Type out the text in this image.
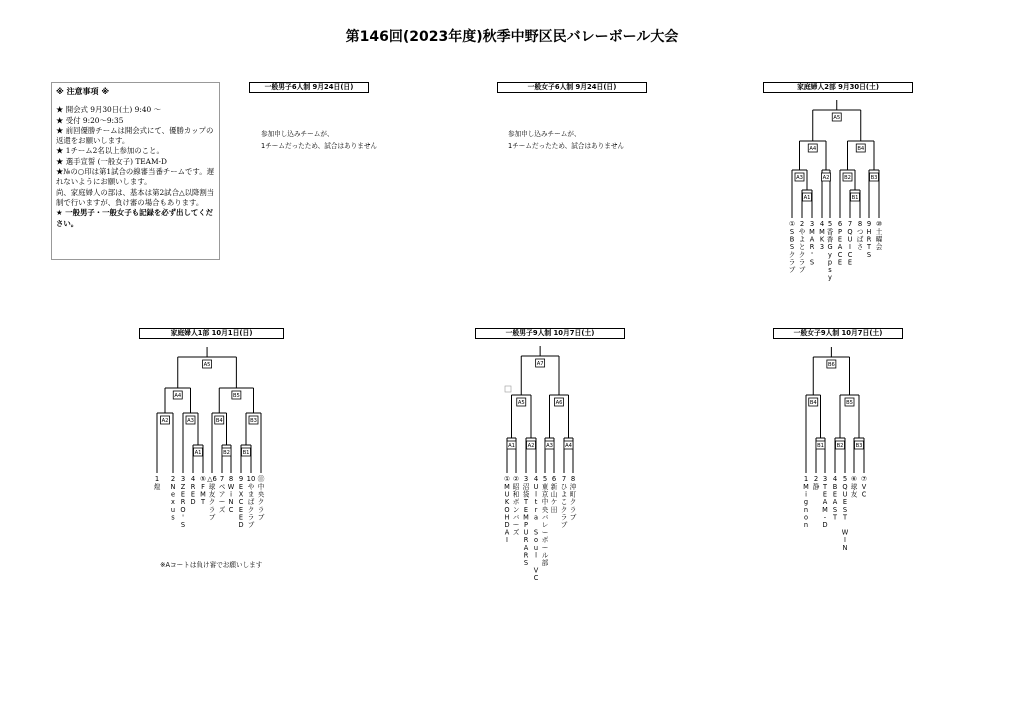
第146回(2023年度)秋季中野区民バレーボール大会
※ 注意事項 ※
★ 開会式 9月30日(土) 9:40 ～
★ 受付 9:20～9:35
★ 前回優勝チームは開会式にて、優勝カップの返還をお願いします。
★ 1チーム2名以上参加のこと。
★ 選手宣誓 (一般女子) TEAM-D
★№の○印は第1試合の線審当番チームです。遅れないようにお願いします。
尚、家庭婦人の部は、基本は第2試合△以降割当制で行いますが、負け審の場合もあります。
★ 一般男子・一般女子も記録を必ず出してください。
一般男子6人制 9月24日(日)
参加申し込みチームが、
1チームだったため、試合はありません
一般女子6人制 9月24日(日)
参加申し込みチームが、
1チームだったため、試合はありません
家庭婦人2部 9月30日(土)
家庭婦人1部 10月1日(日)	一般男子9人制 10月7日(土)	一般女子9人制 10月7日(土)
※Aコートは負け審でお願いします
A1
A3	A2
A4
B1
B2	B3
B4
A5
①
S
B
S
ク
ラ
ブ
2
や
よ
と
ク
ラ
ブ
3
M
A
R
'
S
4
M
K
3
5
香
香
G
y
p
s
y
6
P
E
A
C
E
7
Q
U
I
C
E
8
つ
ば
さ
9
H
R
T
S
⑩
土
曜
会
A2
A1
A3
A4
B2
B4
B1
B3
B5
A5
1
煌
2
N
e
x
u
s
3
Z
E
R
O
'
S
4
R
E
D
⑤
F
M
T
△6
球
友
ク
ラ
ブ
7
ペ
ア
ー
ズ
8
W
i
N
C
9
E
X
C
E
E
D
10
や
ま
ば
ク
ラ
ブ
⑪
中
央
ク
ラ
ブ
A1 A2
A5
A3 A4
A6
A7
①
M
U
K
O
H
D
A
I
②
昭
和
ボ
ン
バ
ー
ズ
3
沼
袋
T
E
M
P
U
R
A
R
S
4
U
l
t
r
a
S
o
u
l
V
C
5
東
京
中
央
バ
レ
ー
ボ
ー
ル
部
6
新
山
ケ
田
7
ひ
よ
こ
ク
ラ
ブ
8
沖
町
ク
ラ
ブ
B1
B4
B2 B3
B5
B6
1
M
i
g
n
o
n
2
静
3
T
E
A
M
-
D
4
B
E
A
S
T
5
Q
U
E
S
T
W
I
N
⑥
球
友
⑦
V
C
